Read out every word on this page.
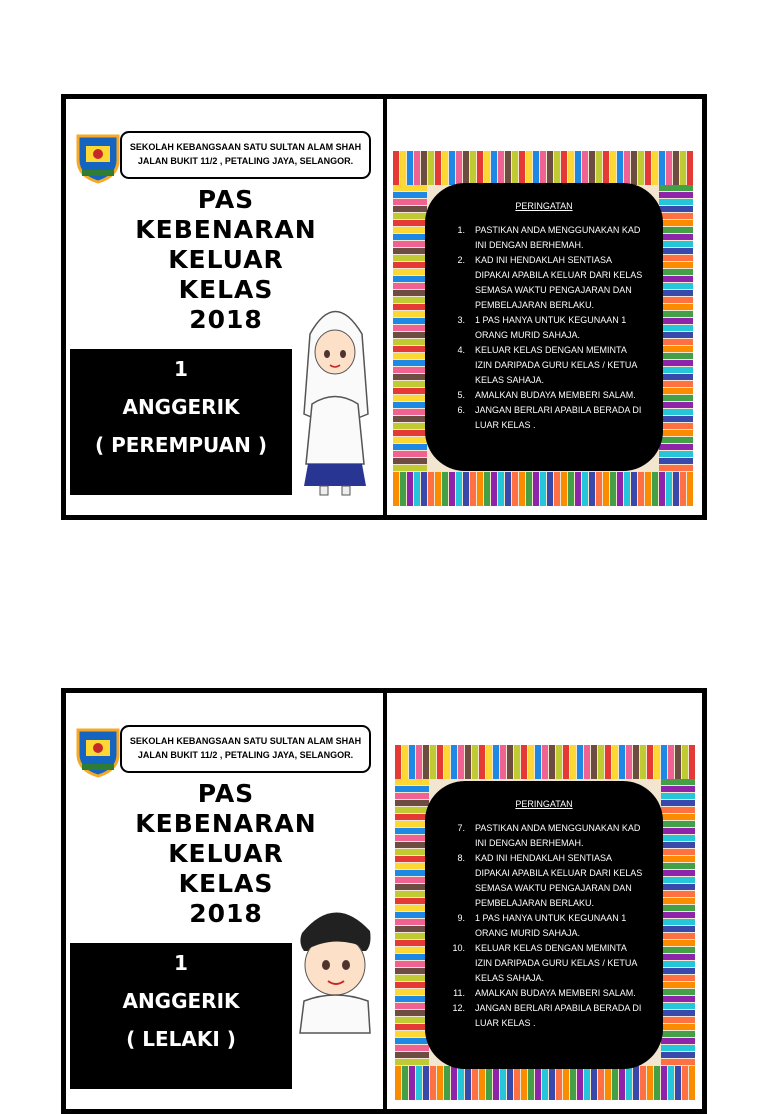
SEKOLAH KEBANGSAAN SATU SULTAN ALAM SHAH
JALAN BUKIT 11/2 , PETALING JAYA, SELANGOR.
PAS
KEBENARAN
KELUAR
KELAS
2018
1
ANGGERIK
( PEREMPUAN )
PERINGATAN
1.	PASTIKAN ANDA MENGGUNAKAN KAD INI DENGAN BERHEMAH.
2.	KAD INI HENDAKLAH SENTIASA DIPAKAI APABILA KELUAR DARI KELAS SEMASA WAKTU PENGAJARAN DAN PEMBELAJARAN BERLAKU.
3.	1 PAS HANYA UNTUK KEGUNAAN 1 ORANG MURID SAHAJA.
4.	KELUAR KELAS DENGAN MEMINTA IZIN DARIPADA GURU KELAS / KETUA KELAS SAHAJA.
5.	AMALKAN BUDAYA MEMBERI SALAM.
6.	JANGAN BERLARI APABILA BERADA DI LUAR KELAS .
SEKOLAH KEBANGSAAN SATU SULTAN ALAM SHAH
JALAN BUKIT 11/2 , PETALING JAYA, SELANGOR.
PAS
KEBENARAN
KELUAR
KELAS
2018
1
ANGGERIK
( LELAKI )
PERINGATAN
7.	PASTIKAN ANDA MENGGUNAKAN KAD INI DENGAN BERHEMAH.
8.	KAD INI HENDAKLAH SENTIASA DIPAKAI APABILA KELUAR DARI KELAS SEMASA WAKTU PENGAJARAN DAN PEMBELAJARAN BERLAKU.
9.	1 PAS HANYA UNTUK KEGUNAAN 1 ORANG MURID SAHAJA.
10.	KELUAR KELAS DENGAN MEMINTA IZIN DARIPADA GURU KELAS / KETUA KELAS SAHAJA.
11.	AMALKAN BUDAYA MEMBERI SALAM.
12.	JANGAN BERLARI APABILA BERADA DI LUAR KELAS .
